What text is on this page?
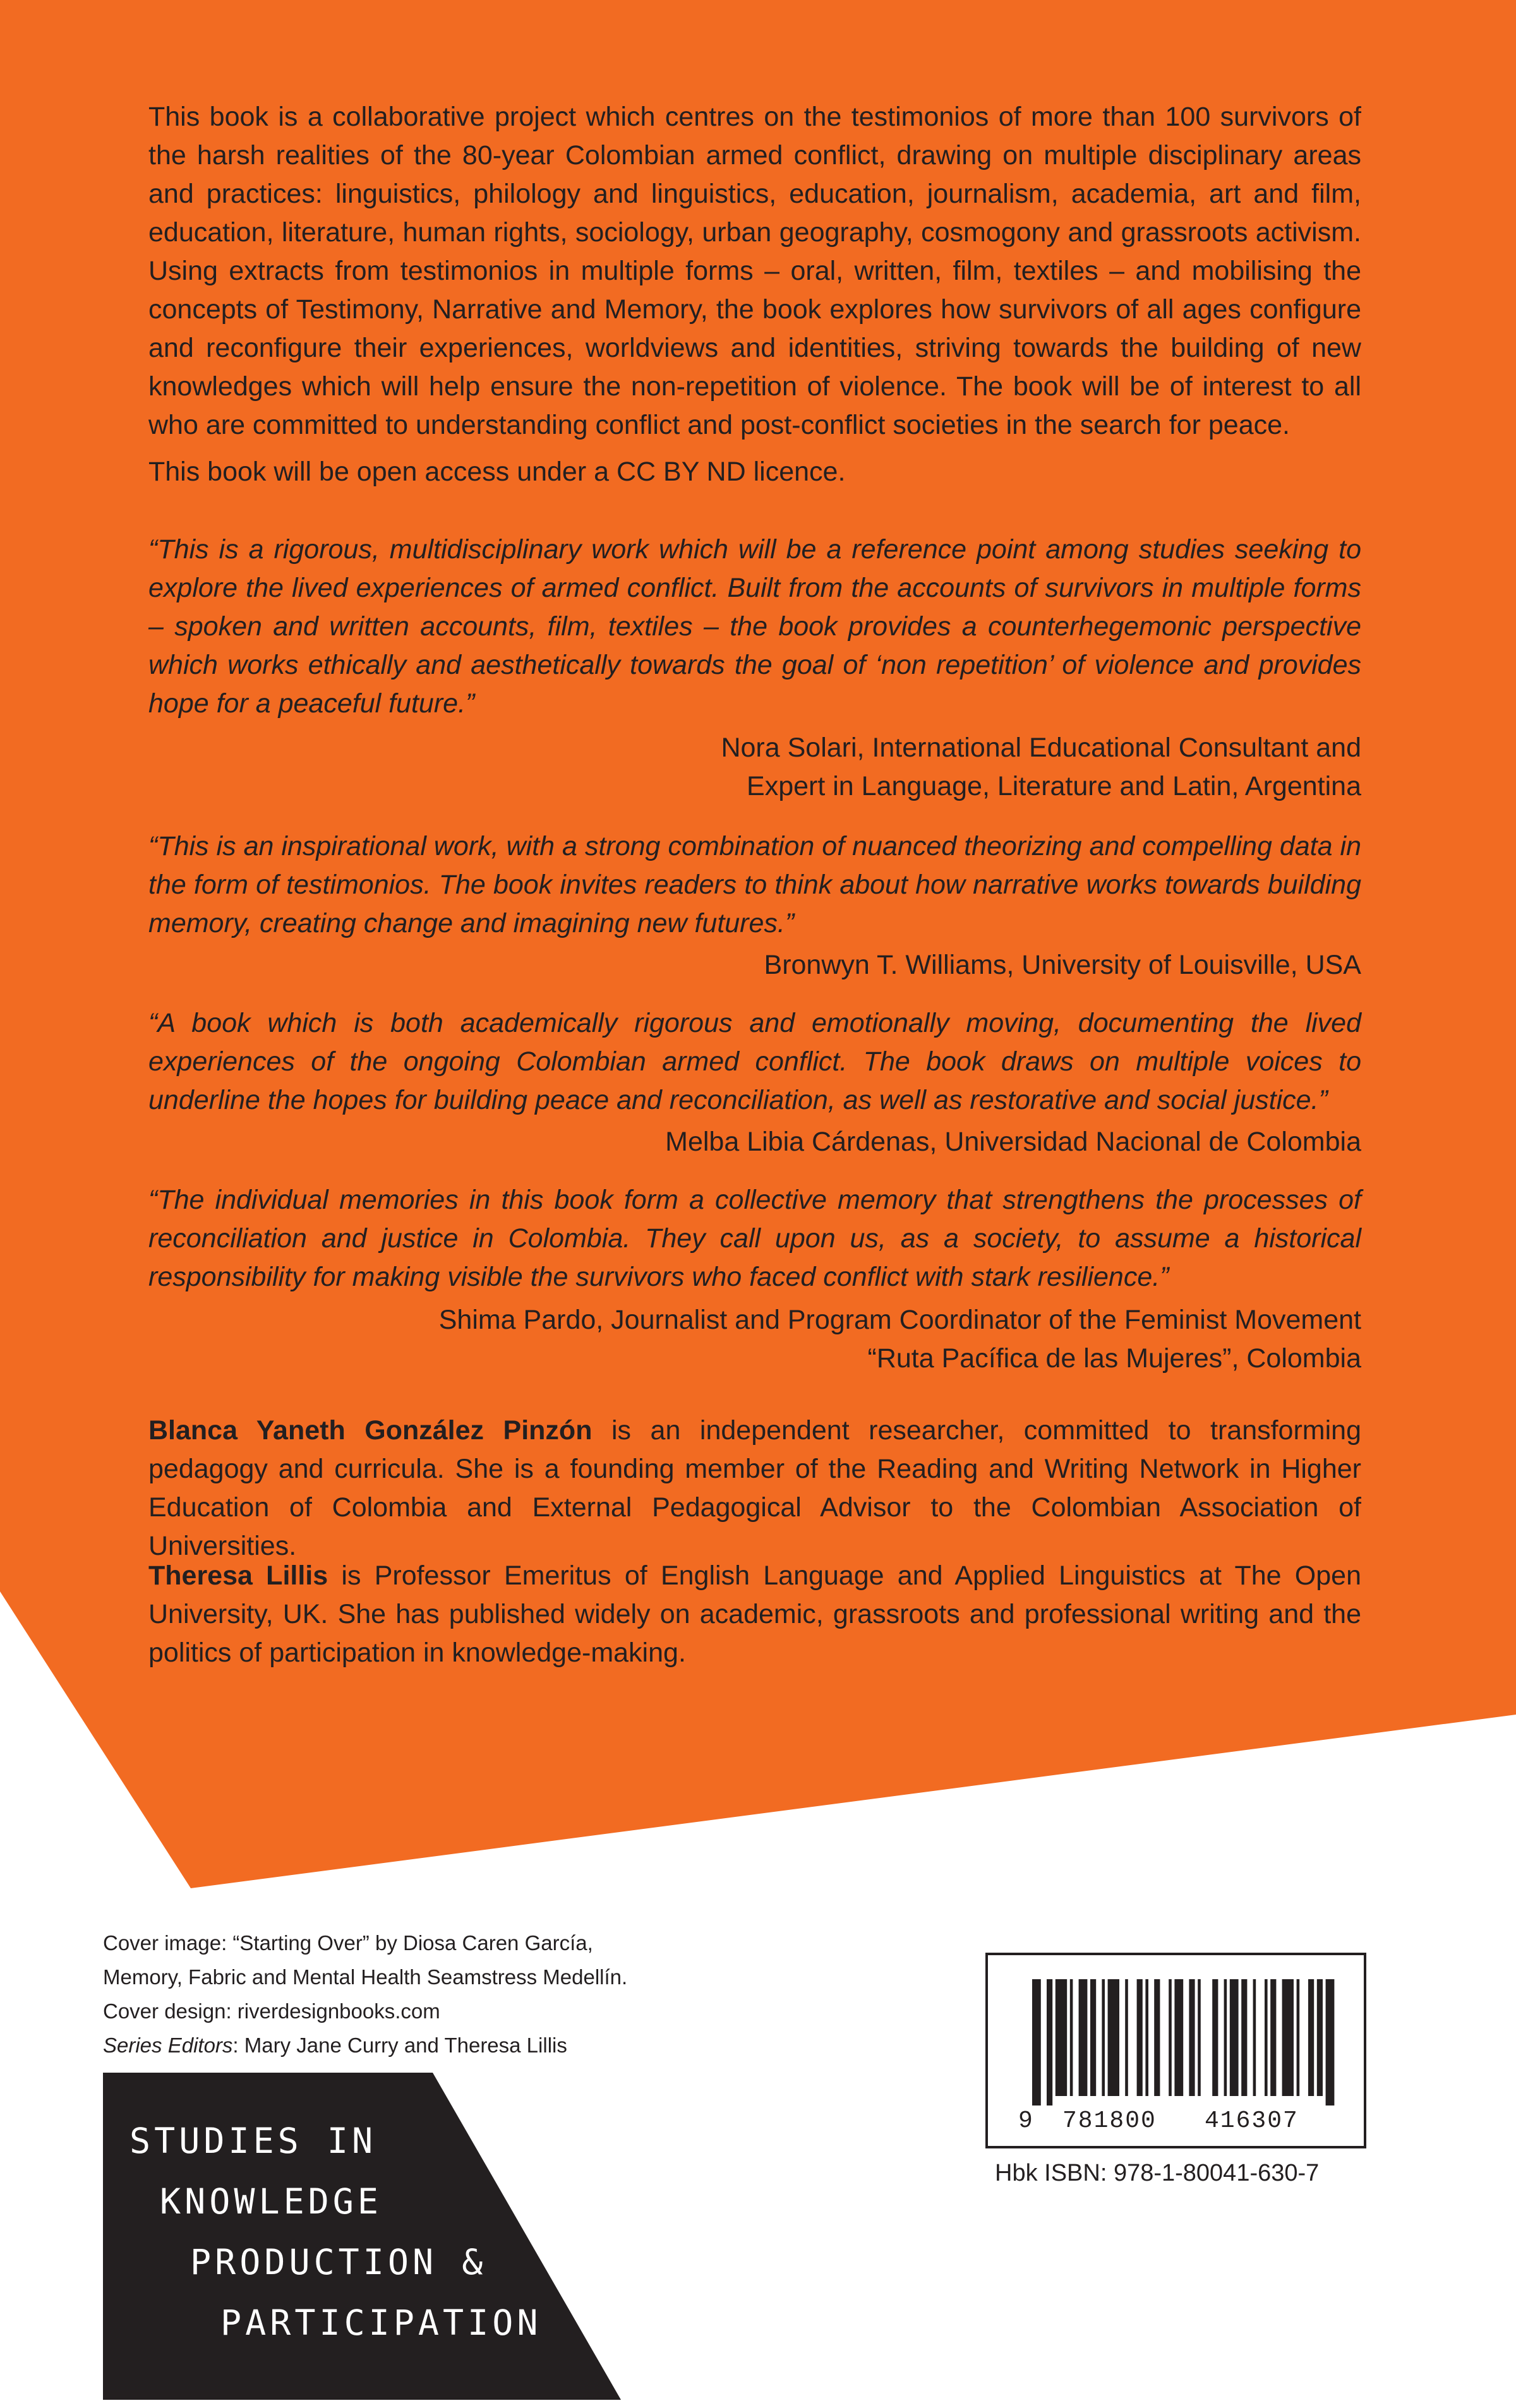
This book is a collaborative project which centres on the testimonios of more than 100 survivors of the harsh realities of the 80-year Colombian armed conflict, drawing on multiple disciplinary areas and practices: linguistics, philology and linguistics, education, journalism, academia, art and film, education, literature, human rights, sociology, urban geography, cosmogony and grassroots activism. Using extracts from testimonios in multiple forms – oral, written, film, textiles – and mobilising the concepts of Testimony, Narrative and Memory, the book explores how survivors of all ages configure and reconfigure their experiences, worldviews and identities, striving towards the building of new knowledges which will help ensure the non-repetition of violence. The book will be of interest to all who are committed to understanding conflict and post-conflict societies in the search for peace.
This book will be open access under a CC BY ND licence.
“This is a rigorous, multidisciplinary work which will be a reference point among studies seeking to explore the lived experiences of armed conflict. Built from the accounts of survivors in multiple forms – spoken and written accounts, film, textiles – the book provides a counterhegemonic perspective which works ethically and aesthetically towards the goal of ‘non repetition’ of violence and provides hope for a peaceful future.”
Nora Solari, International Educational Consultant and
Expert in Language, Literature and Latin, Argentina
“This is an inspirational work, with a strong combination of nuanced theorizing and compelling data in the form of testimonios. The book invites readers to think about how narrative works towards building memory, creating change and imagining new futures.”
Bronwyn T. Williams, University of Louisville, USA
“A book which is both academically rigorous and emotionally moving, documenting the lived experiences of the ongoing Colombian armed conflict. The book draws on multiple voices to underline the hopes for building peace and reconciliation, as well as restorative and social justice.”
Melba Libia Cárdenas, Universidad Nacional de Colombia
“The individual memories in this book form a collective memory that strengthens the processes of reconciliation and justice in Colombia. They call upon us, as a society, to assume a historical responsibility for making visible the survivors who faced conflict with stark resilience.”
Shima Pardo, Journalist and Program Coordinator of the Feminist Movement
“Ruta Pacífica de las Mujeres”, Colombia
Blanca Yaneth González Pinzón is an independent researcher, committed to transforming pedagogy and curricula. She is a founding member of the Reading and Writing Network in Higher Education of Colombia and External Pedagogical Advisor to the Colombian Association of Universities.
Theresa Lillis is Professor Emeritus of English Language and Applied Linguistics at The Open University, UK. She has published widely on academic, grassroots and professional writing and the politics of participation in knowledge-making.
Cover image: “Starting Over” by Diosa Caren García,
Memory, Fabric and Mental Health Seamstress Medellín.
Cover design: riverdesignbooks.com
Series Editors: Mary Jane Curry and Theresa Lillis
STUDIES IN
KNOWLEDGE
PRODUCTION &
PARTICIPATION
9 781800 416307
Hbk ISBN: 978-1-80041-630-7
